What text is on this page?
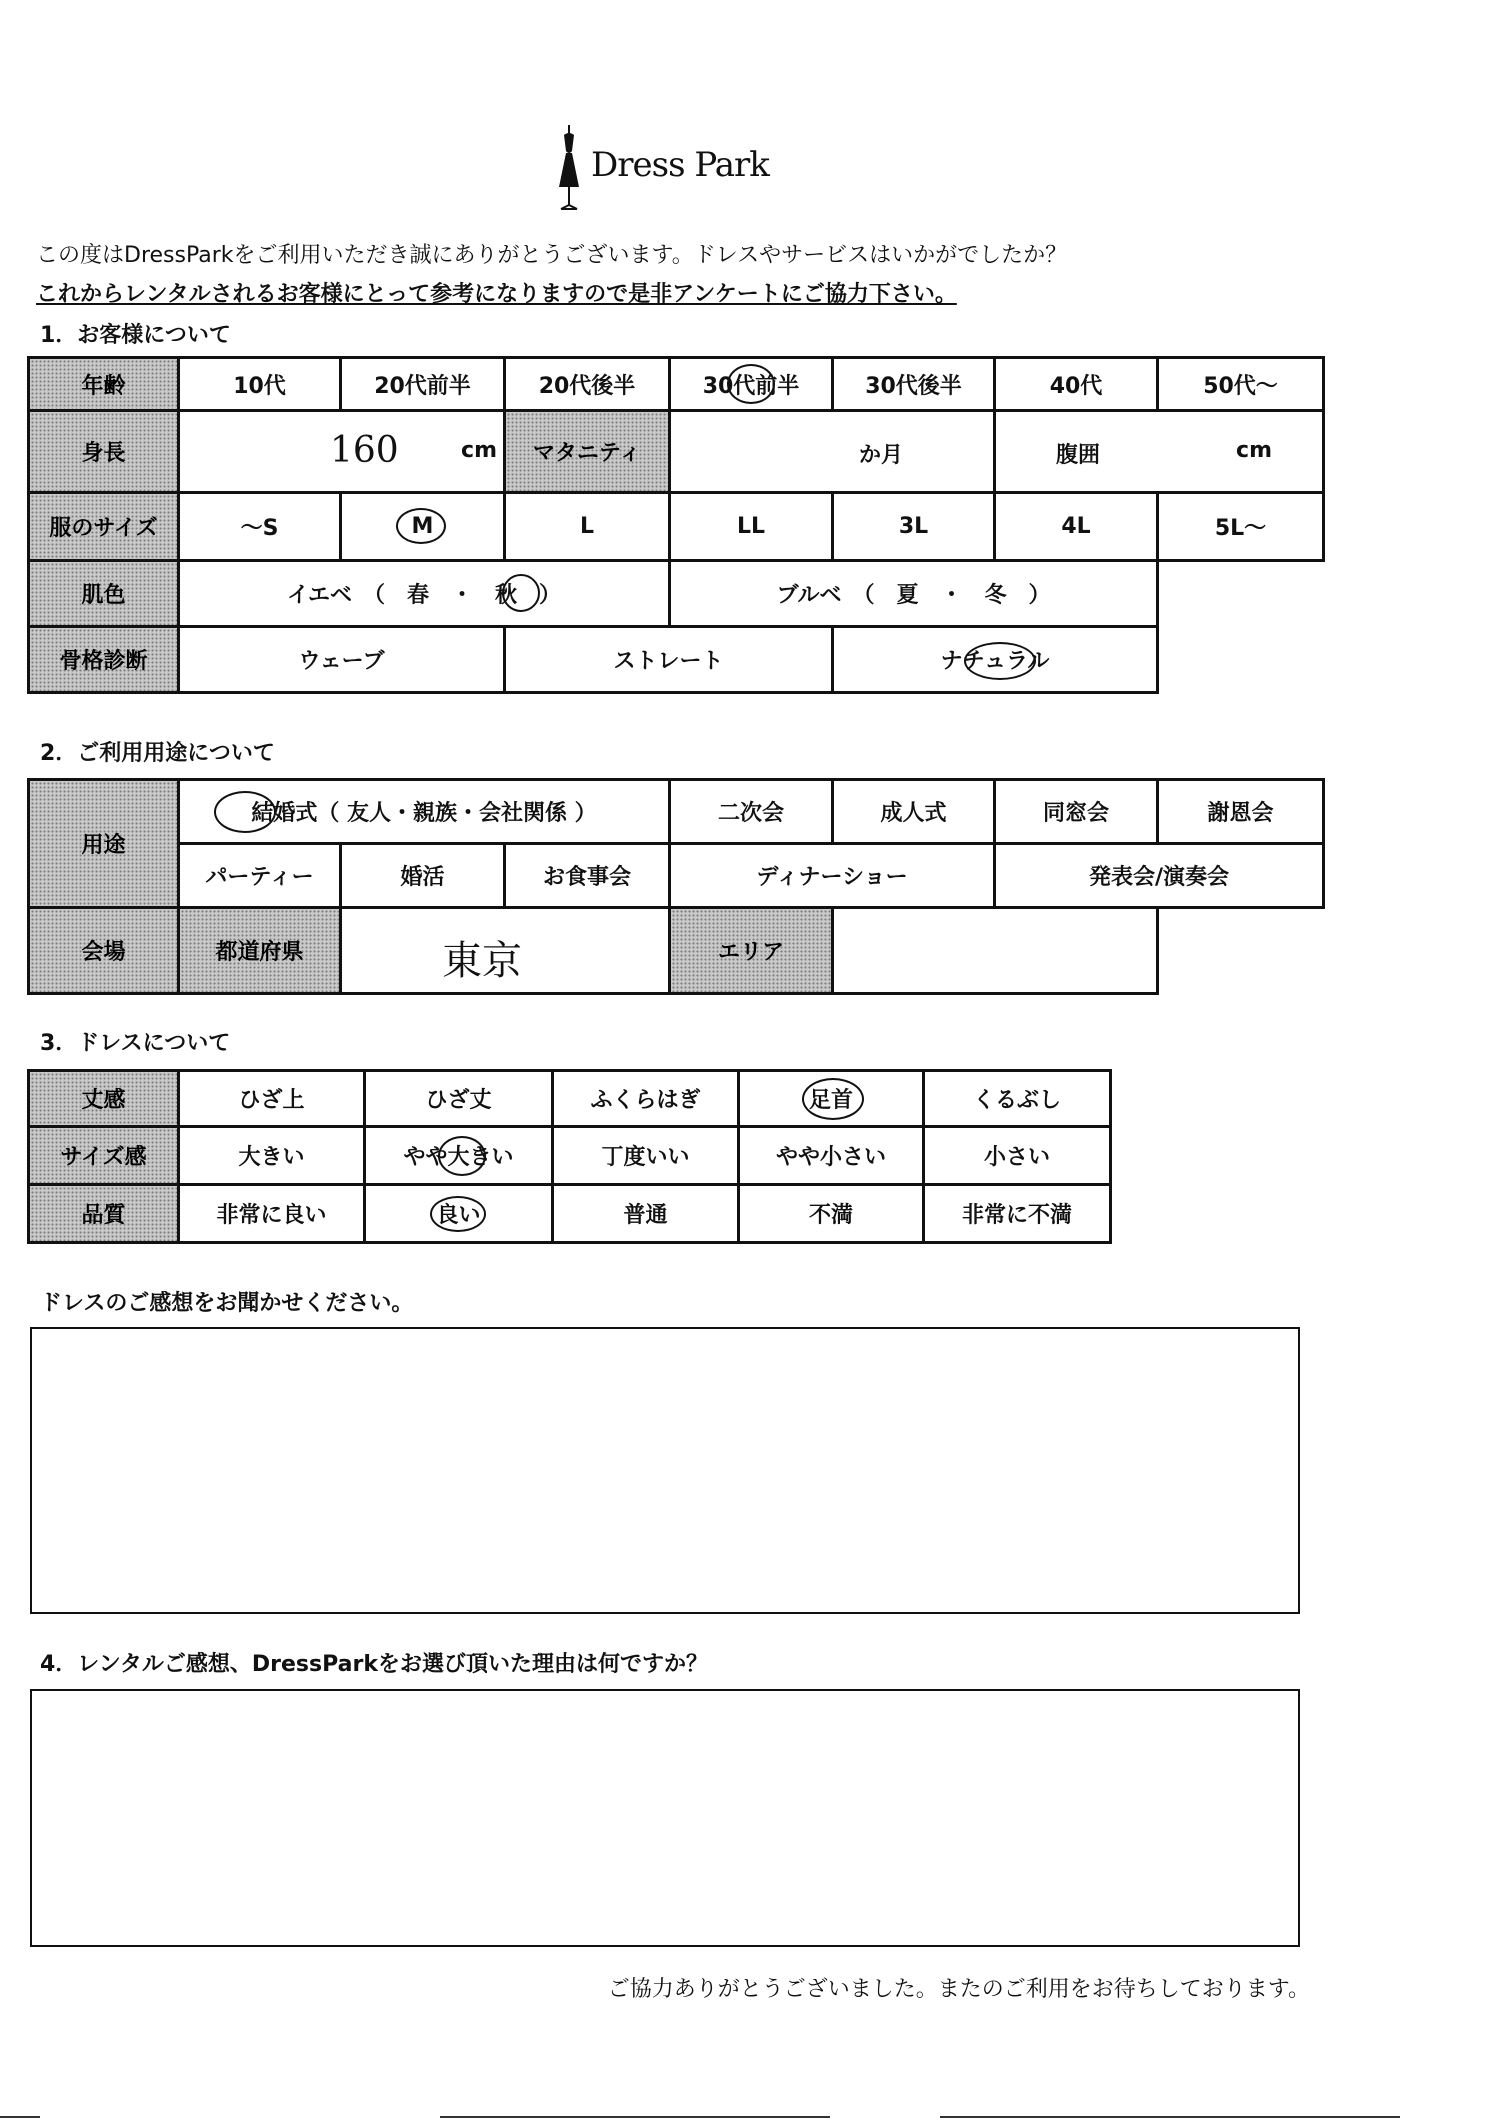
Dress Park
この度はDressParkをご利用いただき誠にありがとうございます。ドレスやサービスはいかがでしたか？
これからレンタルされるお客様にとって参考になりますので是非アンケートにご協力下さい。
1．お客様について
年齢	10代	20代前半	20代後半	30代前半	30代後半	40代	50代～
身長	160 cm		マタニティ	か月		腹囲 cm	

服のサイズ	～S	M	L	LL	3L	4L	5L～
肌色	イエベ　（　春　・　秋　）			ブルベ　（　夏　・　冬　）			
骨格診断	ウェーブ		ストレート		ナチュラル	

2．ご利用用途について
用途	結婚式（ 友人・親族・会社関係 ）			二次会	成人式	同窓会	謝恩会
	パーティー	婚活	お食事会	ディナーショー		発表会/演奏会	
会場	都道府県	東京		エリア			
3．ドレスについて
丈感	ひざ上	ひざ丈	ふくらはぎ	足首	くるぶし
サイズ感	大きい	やや大きい	丁度いい	やや小さい	小さい
品質	非常に良い	良い	普通	不満	非常に不満
ドレスのご感想をお聞かせください。
4．レンタルご感想、DressParkをお選び頂いた理由は何ですか？
ご協力ありがとうございました。またのご利用をお待ちしております。
